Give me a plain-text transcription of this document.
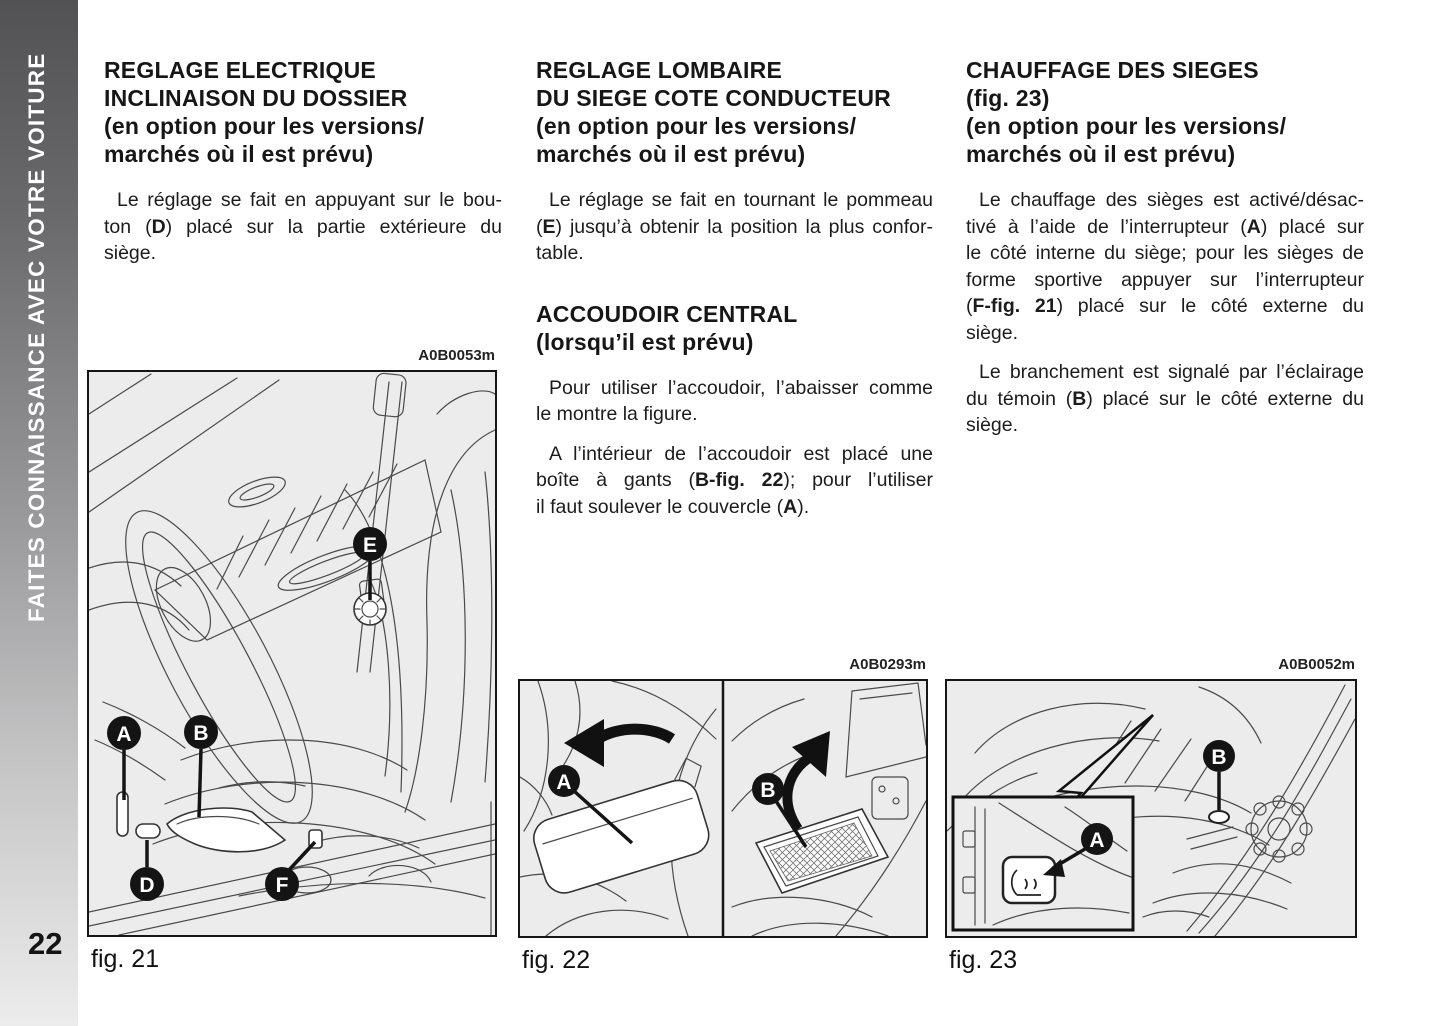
FAITES CONNAISSANCE AVEC VOTRE VOITURE
22
REGLAGE ELECTRIQUE
INCLINAISON DU DOSSIER
(en option pour les versions/
marchés où il est prévu)
Le réglage se fait en appuyant sur le bou-
ton (D) placé sur la partie extérieure du
siège.
REGLAGE LOMBAIRE
DU SIEGE COTE CONDUCTEUR
(en option pour les versions/
marchés où il est prévu)
Le réglage se fait en tournant le pommeau
(E) jusqu’à obtenir la position la plus confor-
table.
ACCOUDOIR CENTRAL
(lorsqu’il est prévu)
Pour utiliser l’accoudoir, l’abaisser comme
le montre la figure.
A l’intérieur de l’accoudoir est placé une
boîte à gants (B-fig. 22); pour l’utiliser
il faut soulever le couvercle (A).
CHAUFFAGE DES SIEGES
(fig. 23)
(en option pour les versions/
marchés où il est prévu)
Le chauffage des sièges est activé/désac-
tivé à l’aide de l’interrupteur (A) placé sur
le côté interne du siège; pour les sièges de
forme sportive appuyer sur l’interrupteur
(F-fig. 21) placé sur le côté externe du
siège.
Le branchement est signalé par l’éclairage
du témoin (B) placé sur le côté externe du
siège.
A0B0053m
E
A	B
D	F
fig. 21
A0B0293m
A	B
fig. 22
A0B0052m
B
A
fig. 23
